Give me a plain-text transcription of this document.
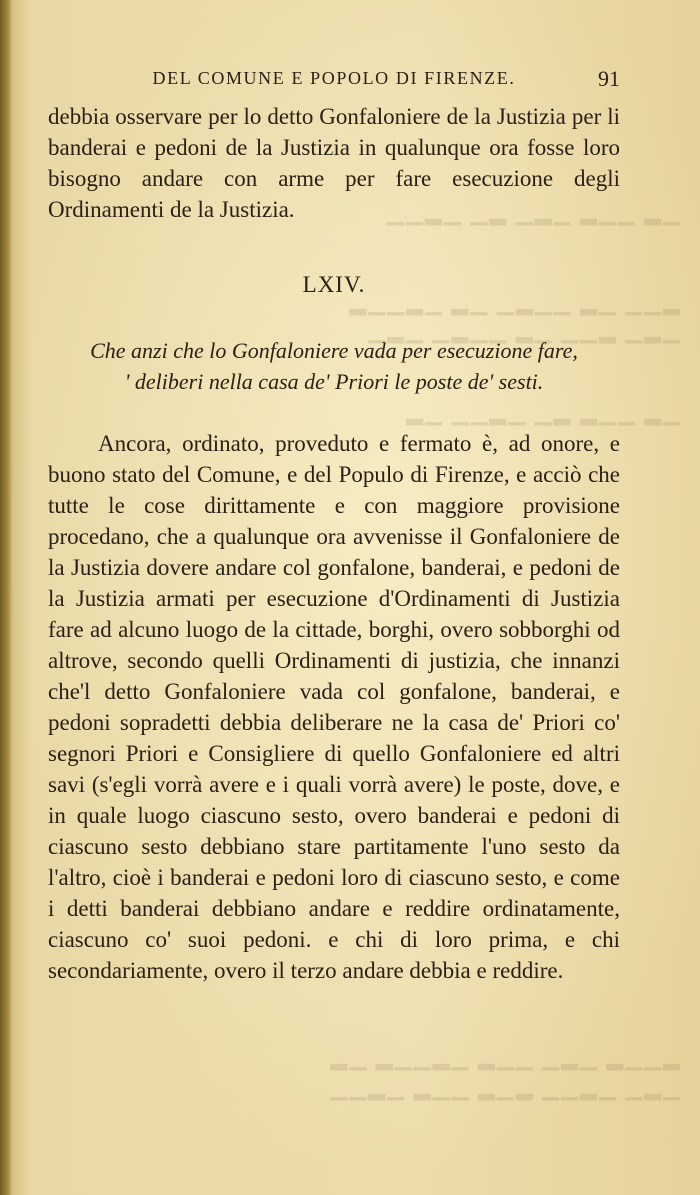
▁▂ ▁▁▂ ▁▂▁ ▂▁ ▁▂▁▁
▂▁▁ ▁▂ ▁▁▂▁ ▁▂ ▁▂▁▁▂
▁▂▁ ▂▁▁ ▁▂ ▁▁▂▁ ▁▂▁
▁▂ ▁▁▂ ▂▁ ▁▂▁▁ ▁▂
▂▁▁▂ ▁▂▁ ▁▁▂ ▁▂▁▁▂ ▁▂
▁▂▁ ▁▂▁▁ ▂▁▂ ▁▁▂ ▁▂▁▁
DEL COMUNE E POPOLO DI FIRENZE.	91
debbia osservare per lo detto Gonfaloniere de la Justizia per li banderai e pedoni de la Justizia in qualunque ora fosse loro bisogno andare con arme per fare esecuzione degli Ordinamenti de la Justizia.
LXIV.
Che anzi che lo Gonfaloniere vada per esecuzione fare,
' deliberi nella casa de' Priori le poste de' sesti.
Ancora, ordinato, proveduto e fermato è, ad onore, e buono stato del Comune, e del Populo di Firenze, e acciò che tutte le cose dirittamente e con maggiore provisione procedano, che a qualunque ora avvenisse il Gonfaloniere de la Justizia dovere andare col gonfalone, banderai, e pedoni de la Justizia armati per esecuzione d'Ordinamenti di Justizia fare ad alcuno luogo de la cittade, borghi, overo sobborghi od altrove, secondo quelli Ordinamenti di justizia, che innanzi che'l detto Gonfaloniere vada col gonfalone, banderai, e pedoni sopradetti debbia deliberare ne la casa de' Priori co' segnori Priori e Consigliere di quello Gonfaloniere ed altri savi (s'egli vorrà avere e i quali vorrà avere) le poste, dove, e in quale luogo ciascuno sesto, overo banderai e pedoni di ciascuno sesto debbiano stare partitamente l'uno sesto da l'altro, cioè i banderai e pedoni loro di ciascuno sesto, e come i detti banderai debbiano andare e reddire ordinatamente, ciascuno co' suoi pedoni. e chi di loro prima, e chi secondariamente, overo il terzo andare debbia e reddire.
